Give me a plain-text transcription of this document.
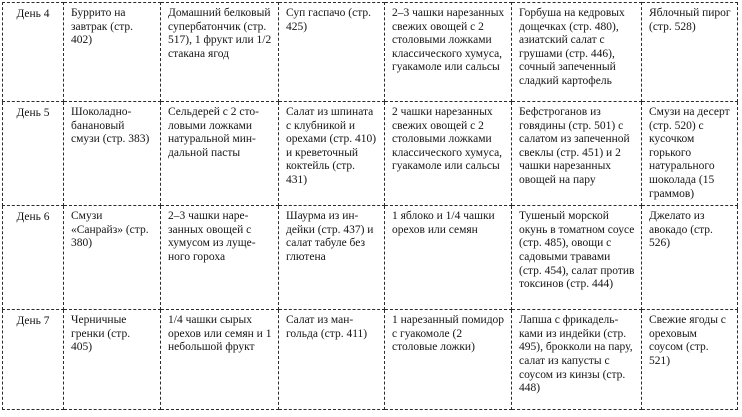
День 4	Буррито на завтрак (стр. 402)	Домашний белковый супербатончик (стр. 517), 1 фрукт или 1/2 стакана ягод	Суп гаспачо (стр. 425)	2–3 чашки нарезанных свежих овощей с 2 столовыми ложками классического хумуса, гуакамоле или сальсы	Горбуша на кедровых дощечках (стр. 480), азиатский салат с грушами (стр. 446), сочный запеченный сладкий картофель	Яблочный пирог (стр. 528)
День 5	Шоколадно-банановый смузи (стр. 383)	Сельдерей с 2 столовыми ложками натуральной миндальной пасты	Салат из шпината с клубникой и орехами (стр. 410) и креветочный коктейль (стр. 431)	2 чашки нарезанных свежих овощей с 2 столовыми ложками классического хумуса, гуакамоле или сальсы	Бефстроганов из говядины (стр. 501) с салатом из запеченной свеклы (стр. 451) и 2 чашки нарезанных овощей на пару	Смузи на десерт (стр. 520) с кусочком горького натурального шоколада (15 граммов)
День 6	Смузи «Санрайз» (стр. 380)	2–3 чашки нарезанных овощей с хумусом из лущеного гороха	Шаурма из индейки (стр. 437) и салат табуле без глютена	1 яблоко и 1/4 чашки орехов или семян	Тушеный морской окунь в томатном соусе (стр. 485), овощи с садовыми травами (стр. 454), салат против токсинов (стр. 444)	Джелато из авокадо (стр. 526)
День 7	Черничные гренки (стр. 405)	1/4 чашки сырых орехов или семян и 1 небольшой фрукт	Салат из мангольда (стр. 411)	1 нарезанный помидор с гуакомоле (2 столовые ложки)	Лапша с фрикадельками из индейки (стр. 495), брокколи на пару, салат из капусты с соусом из кинзы (стр. 448)	Свежие ягоды с ореховым соусом (стр. 521)
